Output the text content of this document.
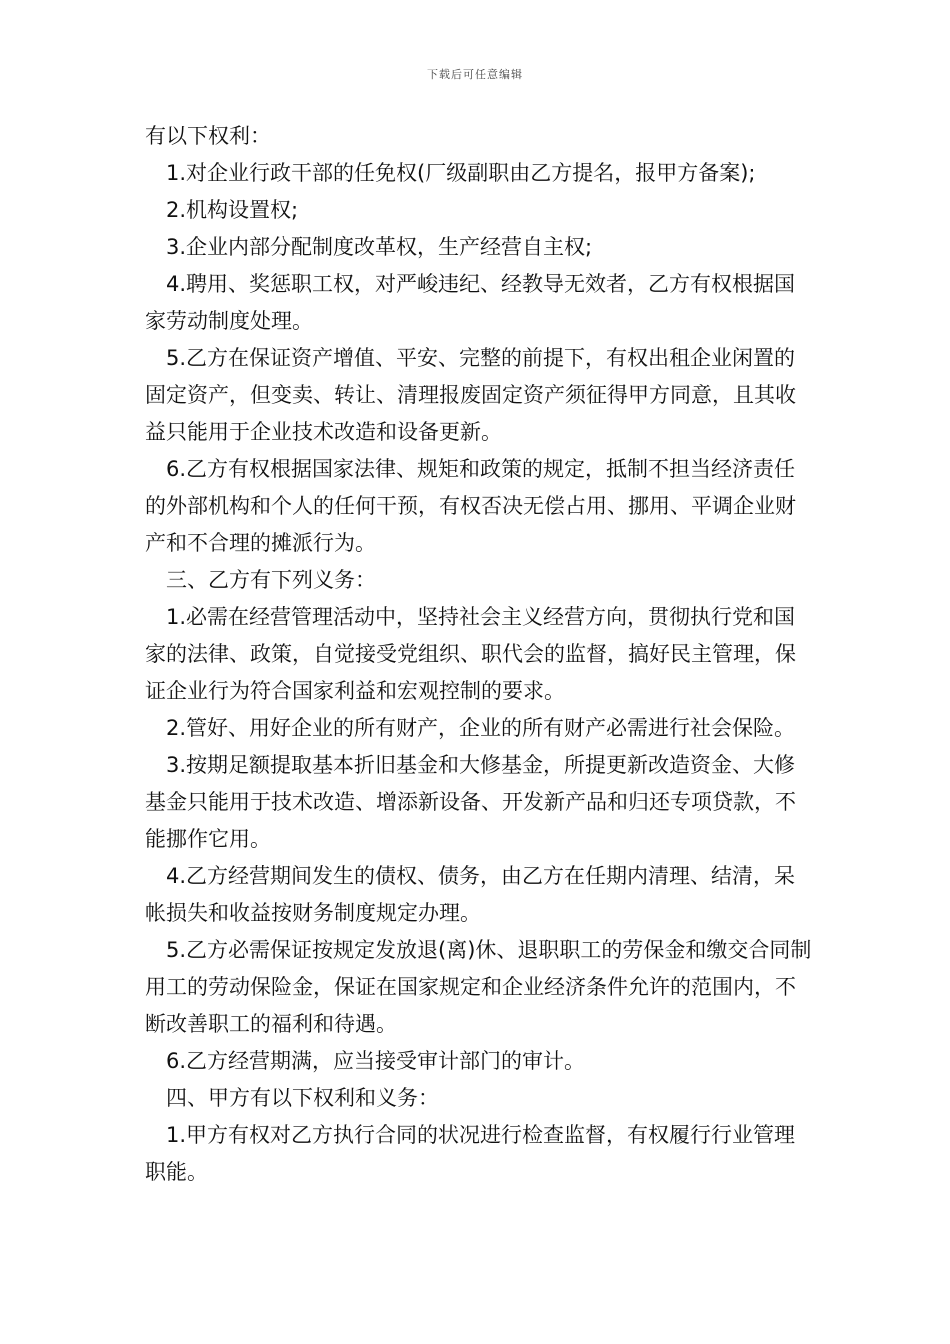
下载后可任意编辑

有以下权利：

1.对企业行政干部的任免权(厂级副职由乙方提名，报甲方备案);

2.机构设置权;

3.企业内部分配制度改革权，生产经营自主权;

4.聘用、奖惩职工权，对严峻违纪、经教导无效者，乙方有权根据国家劳动制度处理。

5.乙方在保证资产增值、平安、完整的前提下，有权出租企业闲置的固定资产，但变卖、转让、清理报废固定资产须征得甲方同意，且其收益只能用于企业技术改造和设备更新。

6.乙方有权根据国家法律、规矩和政策的规定，抵制不担当经济责任的外部机构和个人的任何干预，有权否决无偿占用、挪用、平调企业财产和不合理的摊派行为。

三、乙方有下列义务：

1.必需在经营管理活动中，坚持社会主义经营方向，贯彻执行党和国家的法律、政策，自觉接受党组织、职代会的监督，搞好民主管理，保证企业行为符合国家利益和宏观控制的要求。

2.管好、用好企业的所有财产，企业的所有财产必需进行社会保险。

3.按期足额提取基本折旧基金和大修基金，所提更新改造资金、大修基金只能用于技术改造、增添新设备、开发新产品和归还专项贷款，不能挪作它用。

4.乙方经营期间发生的债权、债务，由乙方在任期内清理、结清，呆帐损失和收益按财务制度规定办理。

5.乙方必需保证按规定发放退(离)休、退职职工的劳保金和缴交合同制用工的劳动保险金，保证在国家规定和企业经济条件允许的范围内，不断改善职工的福利和待遇。

6.乙方经营期满，应当接受审计部门的审计。

四、甲方有以下权利和义务：

1.甲方有权对乙方执行合同的状况进行检查监督，有权履行行业管理职能。
